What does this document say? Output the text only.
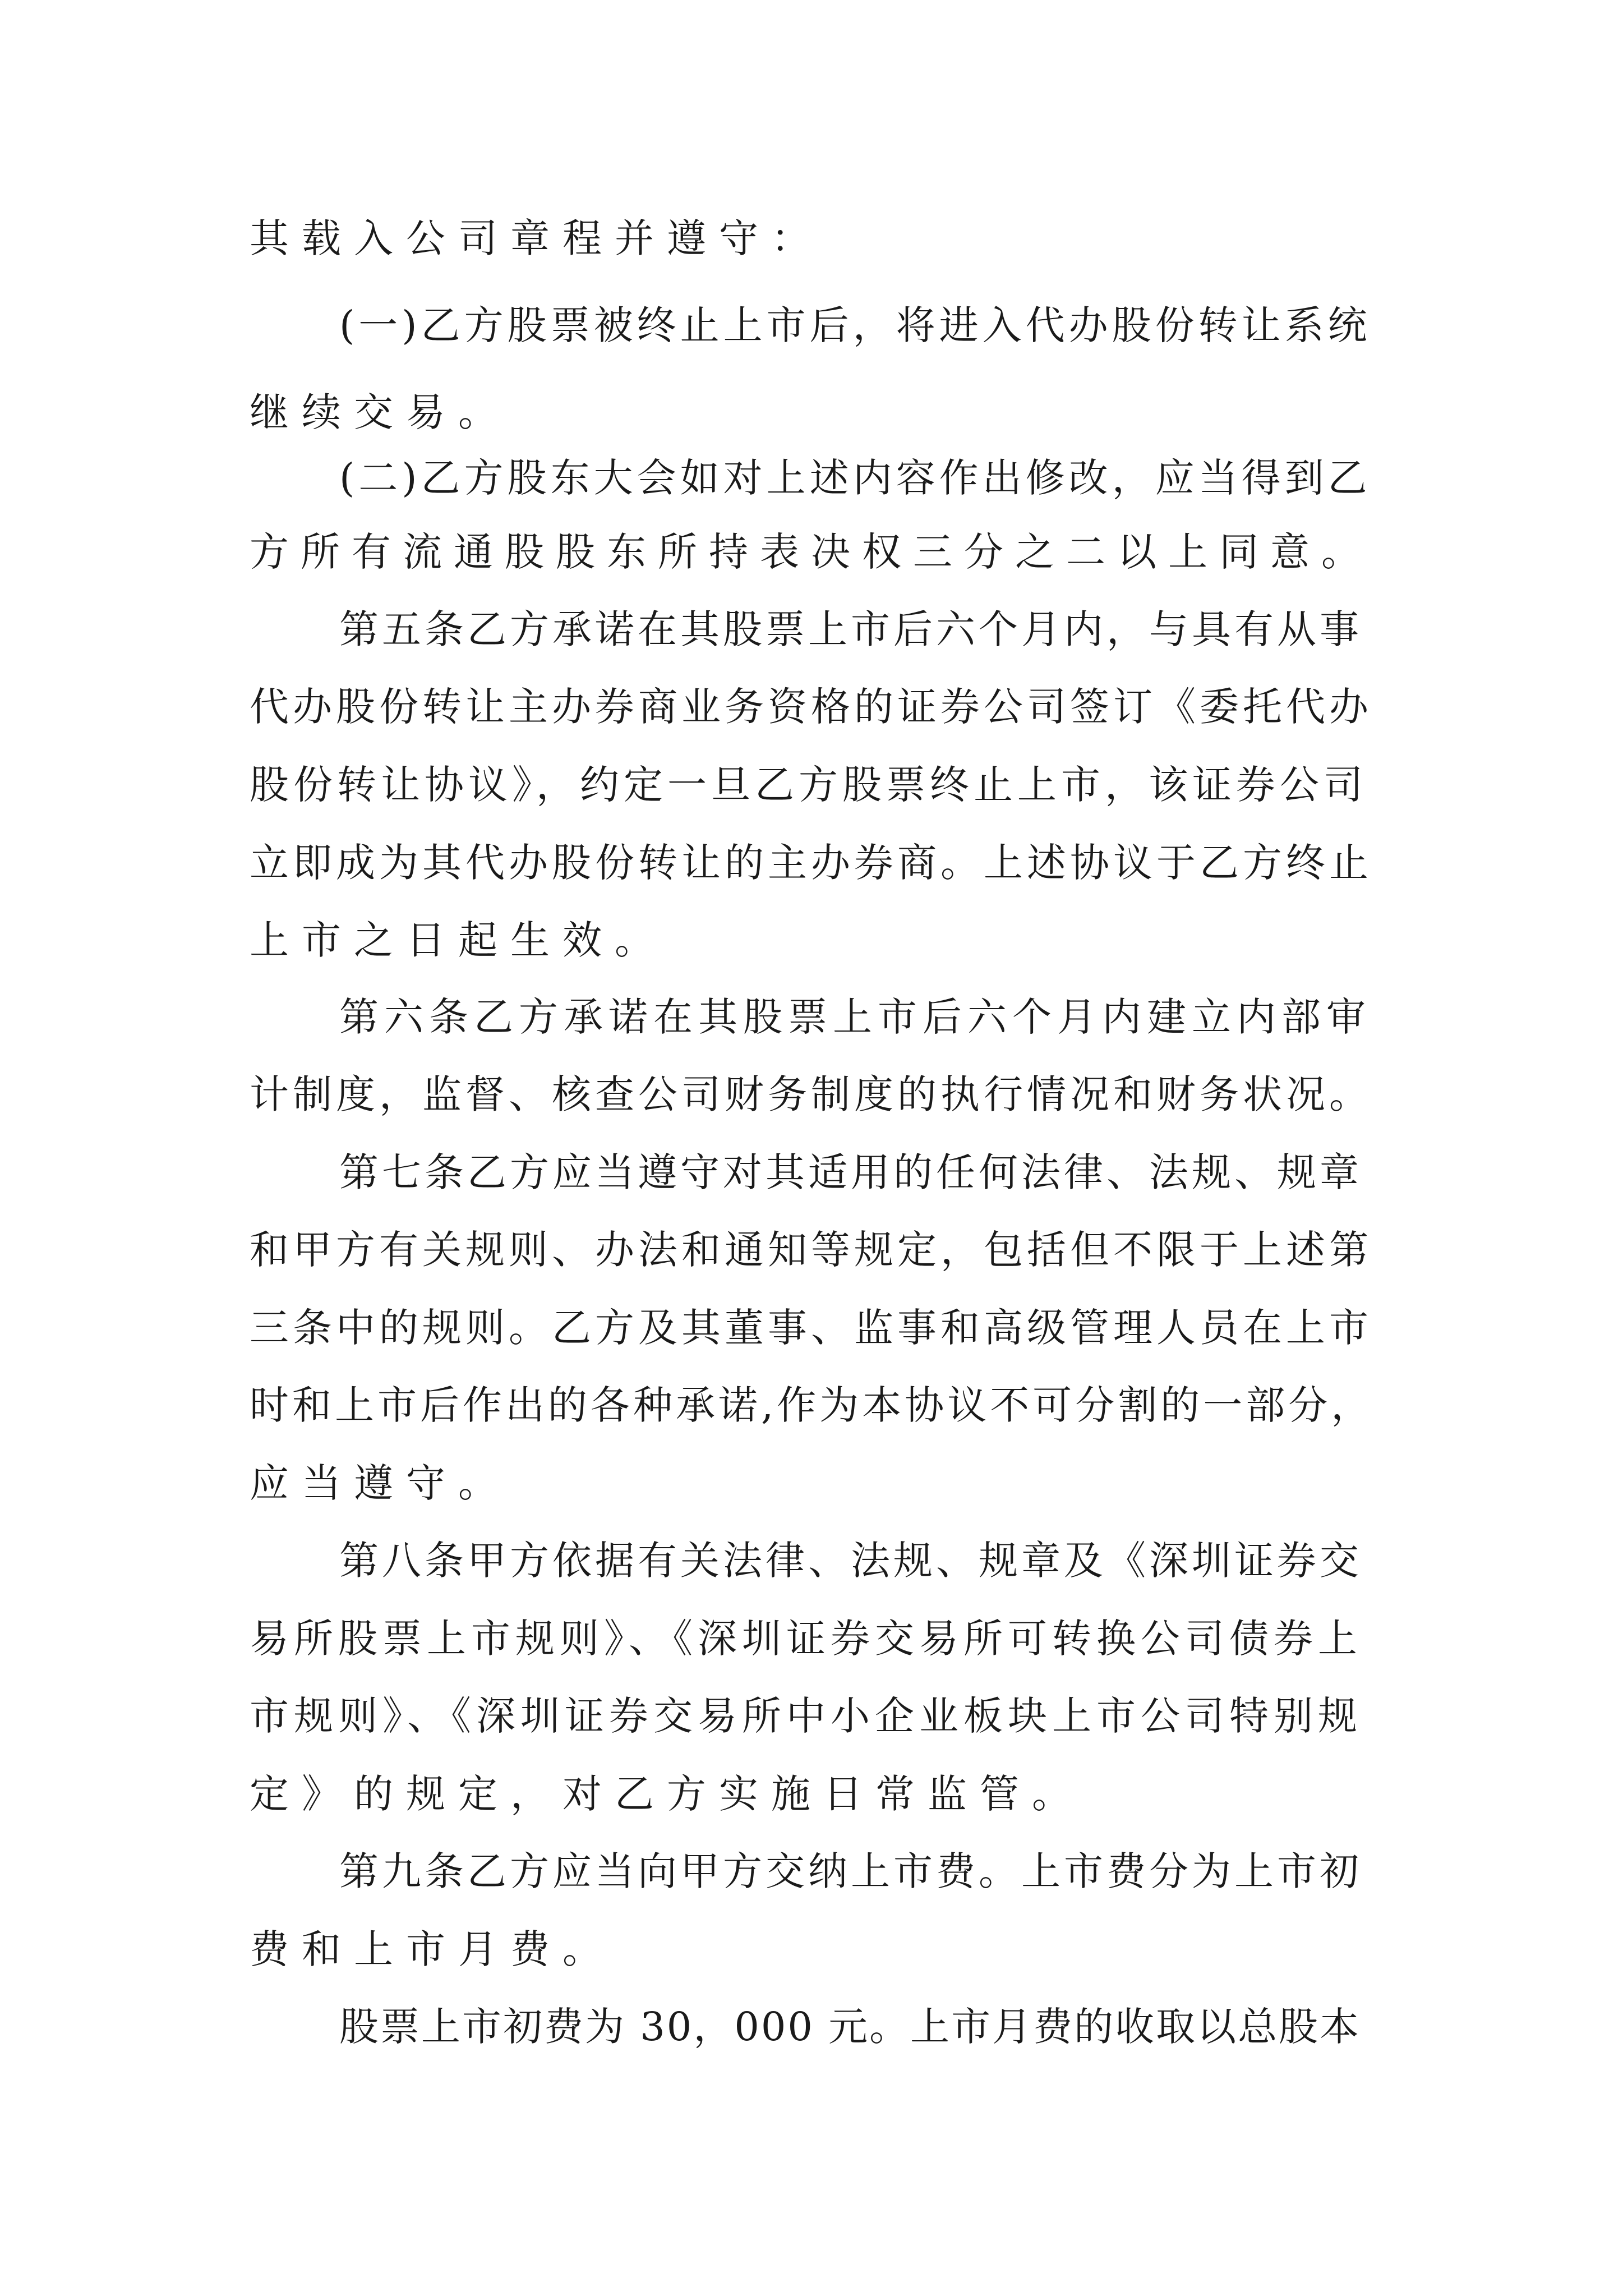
其载入公司章程并遵守：
(一)乙方股票被终止上市后，将进入代办股份转让系统
继续交易。
(二)乙方股东大会如对上述内容作出修改，应当得到乙
方所有流通股股东所持表决权三分之二以上同意。
第五条乙方承诺在其股票上市后六个月内，与具有从事
代办股份转让主办券商业务资格的证券公司签订《委托代办
股份转让协议》，约定一旦乙方股票终止上市，该证券公司
立即成为其代办股份转让的主办券商。上述协议于乙方终止
上市之日起生效。
第六条乙方承诺在其股票上市后六个月内建立内部审
计制度，监督、核查公司财务制度的执行情况和财务状况。
第七条乙方应当遵守对其适用的任何法律、法规、规章
和甲方有关规则、办法和通知等规定，包括但不限于上述第
三条中的规则。乙方及其董事、监事和高级管理人员在上市
时和上市后作出的各种承诺,作为本协议不可分割的一部分，
应当遵守。
第八条甲方依据有关法律、法规、规章及《深圳证券交
易所股票上市规则》、《深圳证券交易所可转换公司债券上
市规则》、《深圳证券交易所中小企业板块上市公司特别规
定》的规定，对乙方实施日常监管。
第九条乙方应当向甲方交纳上市费。上市费分为上市初
费和上市月费。
股票上市初费为 30，000 元。上市月费的收取以总股本
